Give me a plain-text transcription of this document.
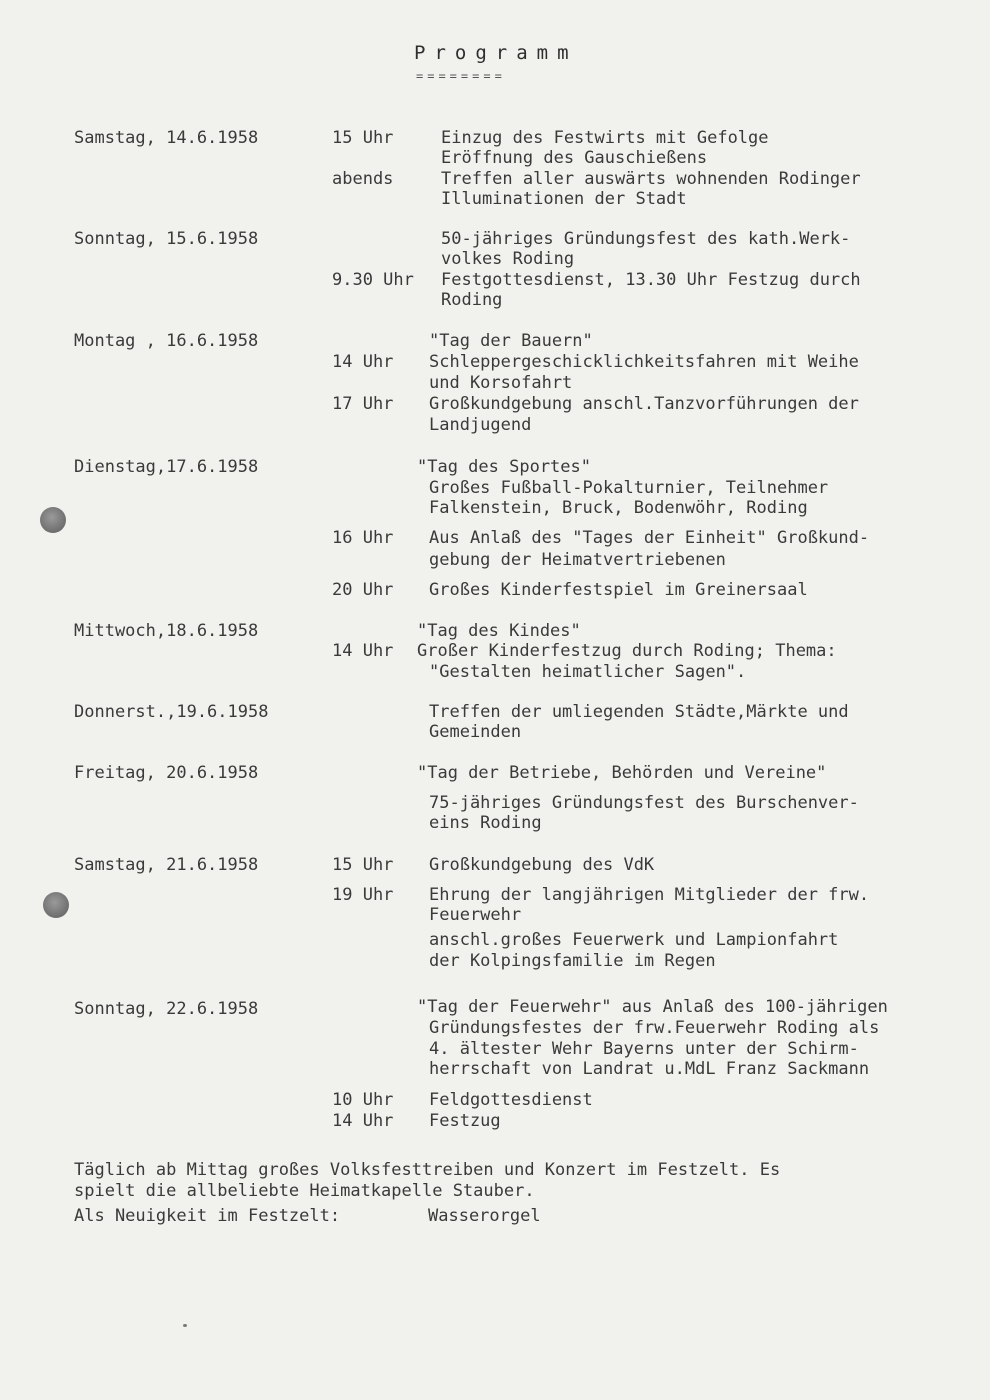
Programm
========
Samstag, 14.6.1958	15 Uhr	Einzug des Festwirts mit Gefolge
Eröffnung des Gauschießens
abends	Treffen aller auswärts wohnenden Rodinger
Illuminationen der Stadt
Sonntag, 15.6.1958	50-jähriges Gründungsfest des kath.Werk-
volkes Roding
9.30 Uhr Festgottesdienst, 13.30 Uhr Festzug durch
Roding
Montag , 16.6.1958	"Tag der Bauern"
14 Uhr Schleppergeschicklichkeitsfahren mit Weihe
und Korsofahrt
17 Uhr Großkundgebung anschl.Tanzvorführungen der
Landjugend
Dienstag,17.6.1958	"Tag des Sportes"
Großes Fußball-Pokalturnier, Teilnehmer
Falkenstein, Bruck, Bodenwöhr, Roding
16 Uhr Aus Anlaß des "Tages der Einheit" Großkund-
gebung der Heimatvertriebenen
20 Uhr Großes Kinderfestspiel im Greinersaal
Mittwoch,18.6.1958	"Tag des Kindes"
14 Uhr Großer Kinderfestzug durch Roding; Thema:
"Gestalten heimatlicher Sagen".
Donnerst.,19.6.1958	Treffen der umliegenden Städte,Märkte und
Gemeinden
Freitag, 20.6.1958	"Tag der Betriebe, Behörden und Vereine"
75-jähriges Gründungsfest des Burschenver-
eins Roding
Samstag, 21.6.1958	15 Uhr Großkundgebung des VdK
19 Uhr Ehrung der langjährigen Mitglieder der frw.
Feuerwehr
anschl.großes Feuerwerk und Lampionfahrt
der Kolpingsfamilie im Regen
Sonntag, 22.6.1958	"Tag der Feuerwehr" aus Anlaß des 100-jährigen
Gründungsfestes der frw.Feuerwehr Roding als
4. ältester Wehr Bayerns unter der Schirm-
herrschaft von Landrat u.MdL Franz Sackmann
10 Uhr Feldgottesdienst
14 Uhr Festzug
Täglich ab Mittag großes Volksfesttreiben und Konzert im Festzelt. Es
spielt die allbeliebte Heimatkapelle Stauber.
Als Neuigkeit im Festzelt:	Wasserorgel
